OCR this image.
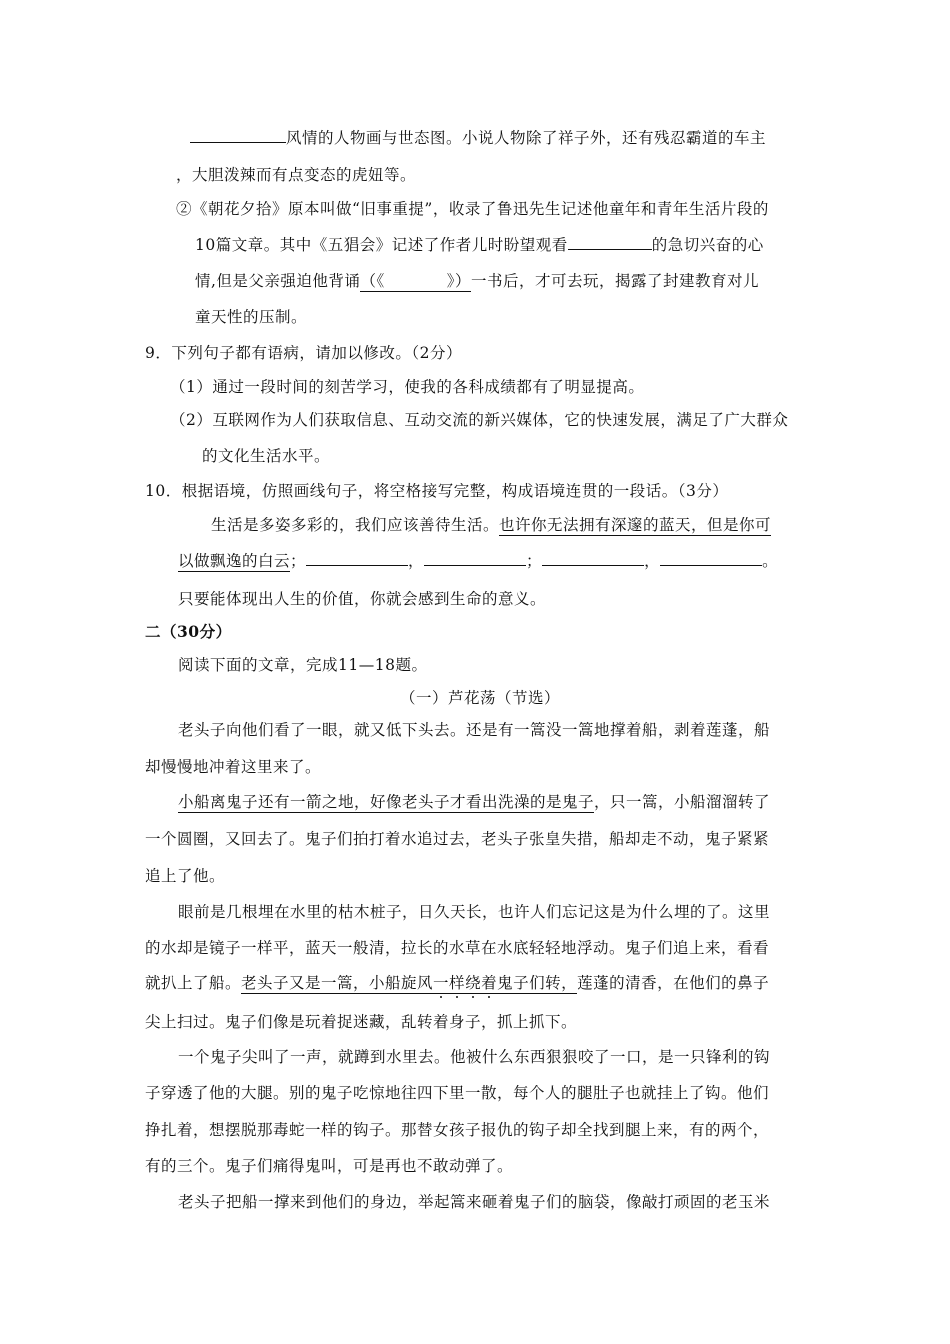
风情的人物画与世态图。小说人物除了祥子外，还有残忍霸道的车主
，大胆泼辣而有点变态的虎妞等。
②《朝花夕拾》原本叫做“旧事重提”，收录了鲁迅先生记述他童年和青年生活片段的
10篇文章。其中《五猖会》记述了作者儿时盼望观看	的急切兴奋的心
情,但是父亲强迫他背诵（《	》）一书后，才可去玩，揭露了封建教育对儿
童天性的压制。
9．下列句子都有语病，请加以修改。（2分）
（1）通过一段时间的刻苦学习，使我的各科成绩都有了明显提高。
（2）互联网作为人们获取信息、互动交流的新兴媒体，它的快速发展，满足了广大群众
的文化生活水平。
10．根据语境，仿照画线句子，将空格接写完整，构成语境连贯的一段话。（3分）
生活是多姿多彩的，我们应该善待生活。也许你无法拥有深邃的蓝天，但是你可
以做飘逸的白云；	，	；	，	。
只要能体现出人生的价值，你就会感到生命的意义。
二（30分）
阅读下面的文章，完成11—18题。
（一）芦花荡（节选）
老头子向他们看了一眼，就又低下头去。还是有一篙没一篙地撑着船，剥着莲蓬，船
却慢慢地冲着这里来了。
小船离鬼子还有一箭之地，好像老头子才看出洗澡的是鬼子，只一篙，小船溜溜转了
一个圆圈，又回去了。鬼子们拍打着水追过去，老头子张皇失措，船却走不动，鬼子紧紧
追上了他。
眼前是几根埋在水里的枯木桩子，日久天长，也许人们忘记这是为什么埋的了。这里
的水却是镜子一样平，蓝天一般清，拉长的水草在水底轻轻地浮动。鬼子们追上来，看看
就扒上了船。老头子又是一篙，小船旋风一样绕着鬼子们转，莲蓬的清香，在他们的鼻子
尖上扫过。鬼子们像是玩着捉迷藏，乱转着身子，抓上抓下。
一个鬼子尖叫了一声，就蹲到水里去。他被什么东西狠狠咬了一口，是一只锋利的钩
子穿透了他的大腿。别的鬼子吃惊地往四下里一散，每个人的腿肚子也就挂上了钩。他们
挣扎着，想摆脱那毒蛇一样的钩子。那替女孩子报仇的钩子却全找到腿上来，有的两个，
有的三个。鬼子们痛得鬼叫，可是再也不敢动弹了。
老头子把船一撑来到他们的身边，举起篙来砸着鬼子们的脑袋，像敲打顽固的老玉米
